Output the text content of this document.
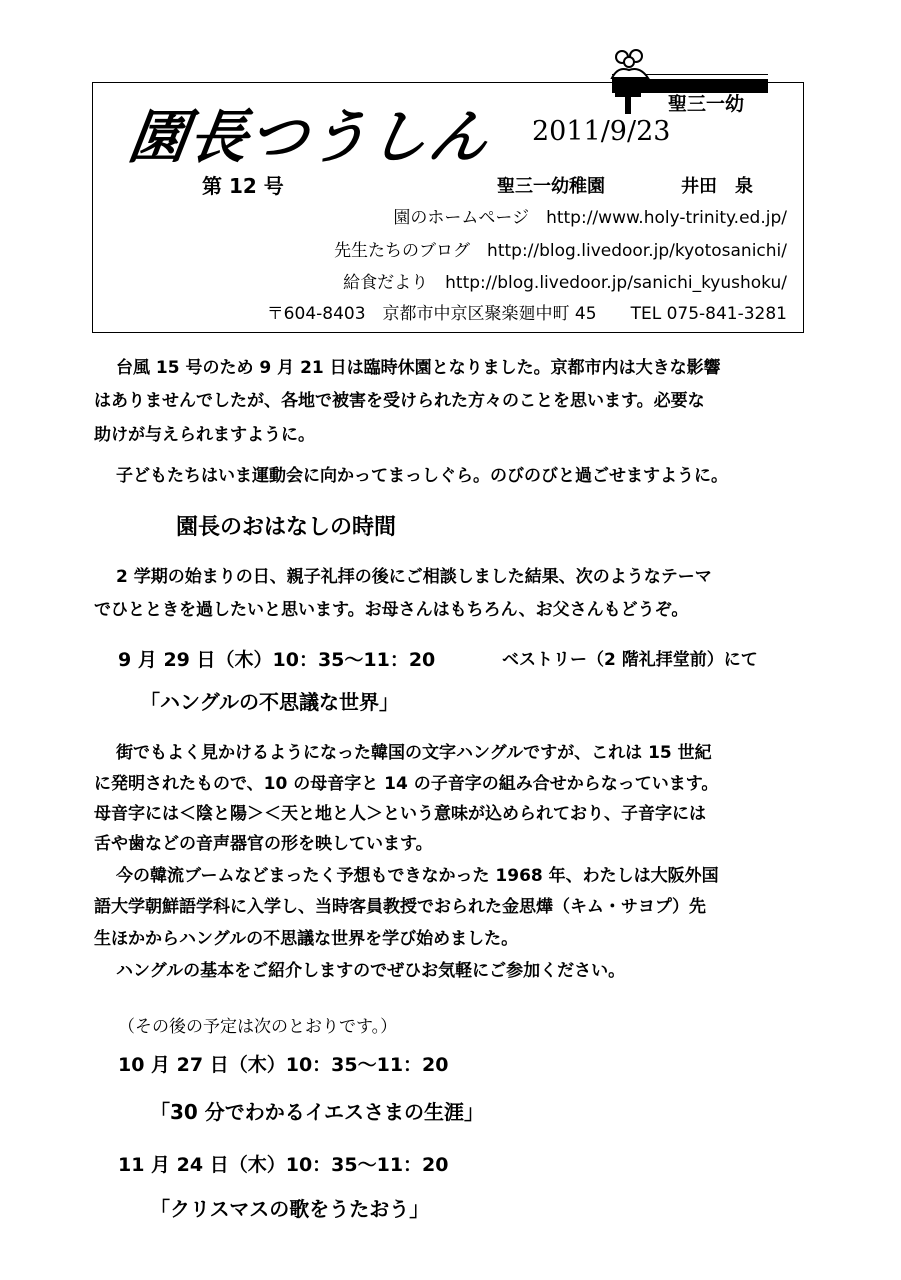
聖三一幼
園長つうしん 2011/9/23
第 12 号	聖三一幼稚園	井田　泉
園のホームページ　http://www.holy-trinity.ed.jp/
先生たちのブログ　http://blog.livedoor.jp/kyotosanichi/
給食だより　http://blog.livedoor.jp/sanichi_kyushoku/
〒604-8403　京都市中京区聚楽廻中町 45　　TEL 075-841-3281
台風 15 号のため 9 月 21 日は臨時休園となりました。京都市内は大きな影響
はありませんでしたが、各地で被害を受けられた方々のことを思います。必要な
助けが与えられますように。
子どもたちはいま運動会に向かってまっしぐら。のびのびと過ごせますように。
園長のおはなしの時間
2 学期の始まりの日、親子礼拝の後にご相談しました結果、次のようなテーマ
でひとときを過したいと思います。お母さんはもちろん、お父さんもどうぞ。
9 月 29 日（木）10：35～11：20	ベストリー（2 階礼拝堂前）にて
「ハングルの不思議な世界」
街でもよく見かけるようになった韓国の文字ハングルですが、これは 15 世紀
に発明されたもので、10 の母音字と 14 の子音字の組み合せからなっています。
母音字には＜陰と陽＞＜天と地と人＞という意味が込められており、子音字には
舌や歯などの音声器官の形を映しています。
今の韓流ブームなどまったく予想もできなかった 1968 年、わたしは大阪外国
語大学朝鮮語学科に入学し、当時客員教授でおられた金思燁（キム・サヨプ）先
生ほかからハングルの不思議な世界を学び始めました。
ハングルの基本をご紹介しますのでぜひお気軽にご参加ください。
（その後の予定は次のとおりです。）
10 月 27 日（木）10：35～11：20
「30 分でわかるイエスさまの生涯」
11 月 24 日（木）10：35～11：20
「クリスマスの歌をうたおう」
